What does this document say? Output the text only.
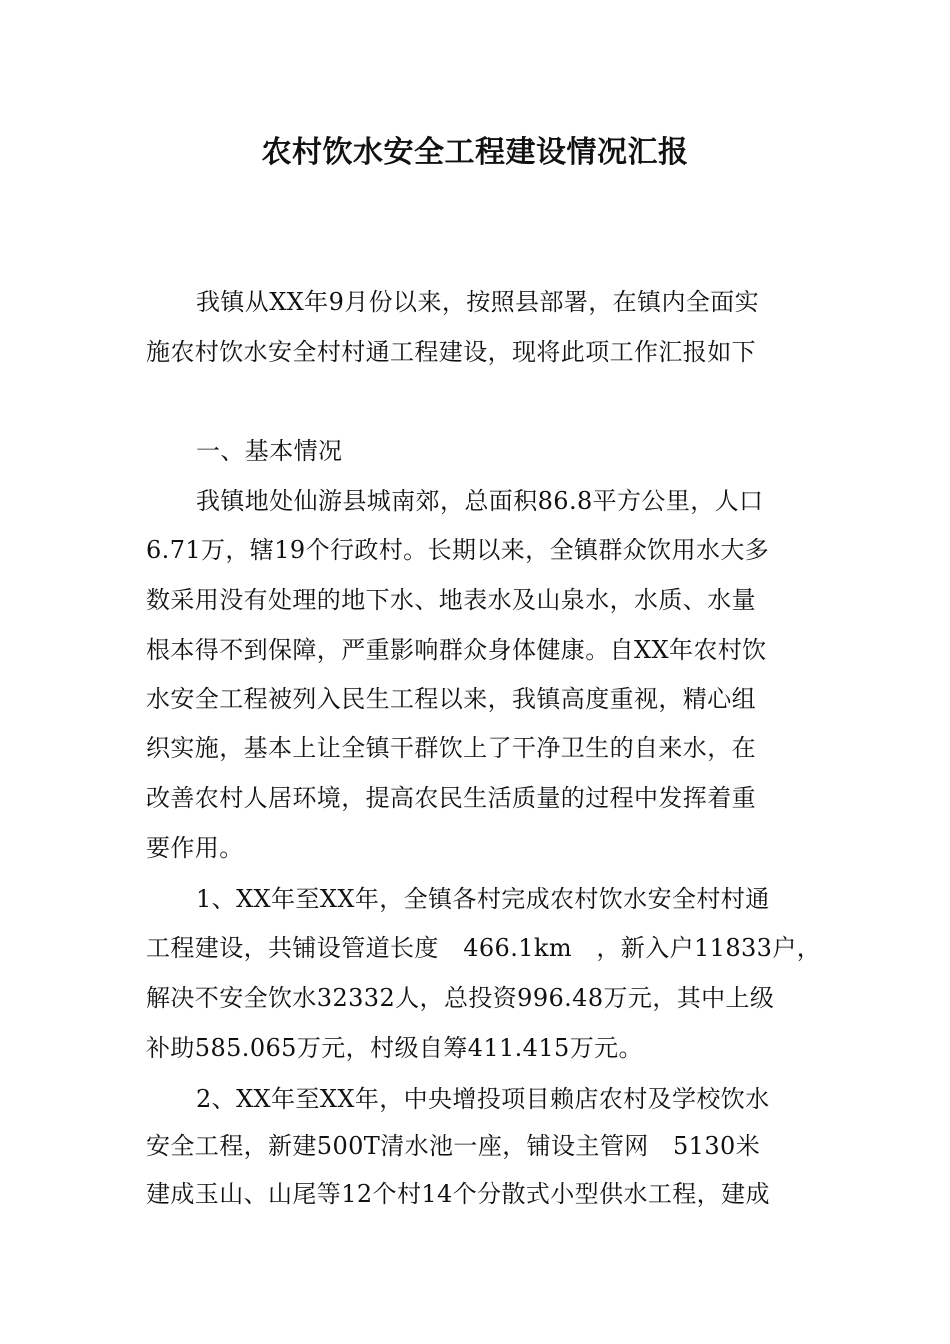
农村饮水安全工程建设情况汇报
我镇从XX年9月份以来，按照县部署，在镇内全面实
施农村饮水安全村村通工程建设，现将此项工作汇报如下
一、基本情况
我镇地处仙游县城南郊，总面积86.8平方公里，人口
6.71万，辖19个行政村。长期以来，全镇群众饮用水大多
数采用没有处理的地下水、地表水及山泉水，水质、水量
根本得不到保障，严重影响群众身体健康。自XX年农村饮
水安全工程被列入民生工程以来，我镇高度重视，精心组
织实施，基本上让全镇干群饮上了干净卫生的自来水，在
改善农村人居环境，提高农民生活质量的过程中发挥着重
要作用。
1、XX年至XX年，全镇各村完成农村饮水安全村村通
工程建设，共铺设管道长度　466.1km　，新入户11833户，
解决不安全饮水32332人，总投资996.48万元，其中上级
补助585.065万元，村级自筹411.415万元。
2、XX年至XX年，中央增投项目赖店农村及学校饮水
安全工程，新建500T清水池一座，铺设主管网　5130米
建成玉山、山尾等12个村14个分散式小型供水工程，建成
